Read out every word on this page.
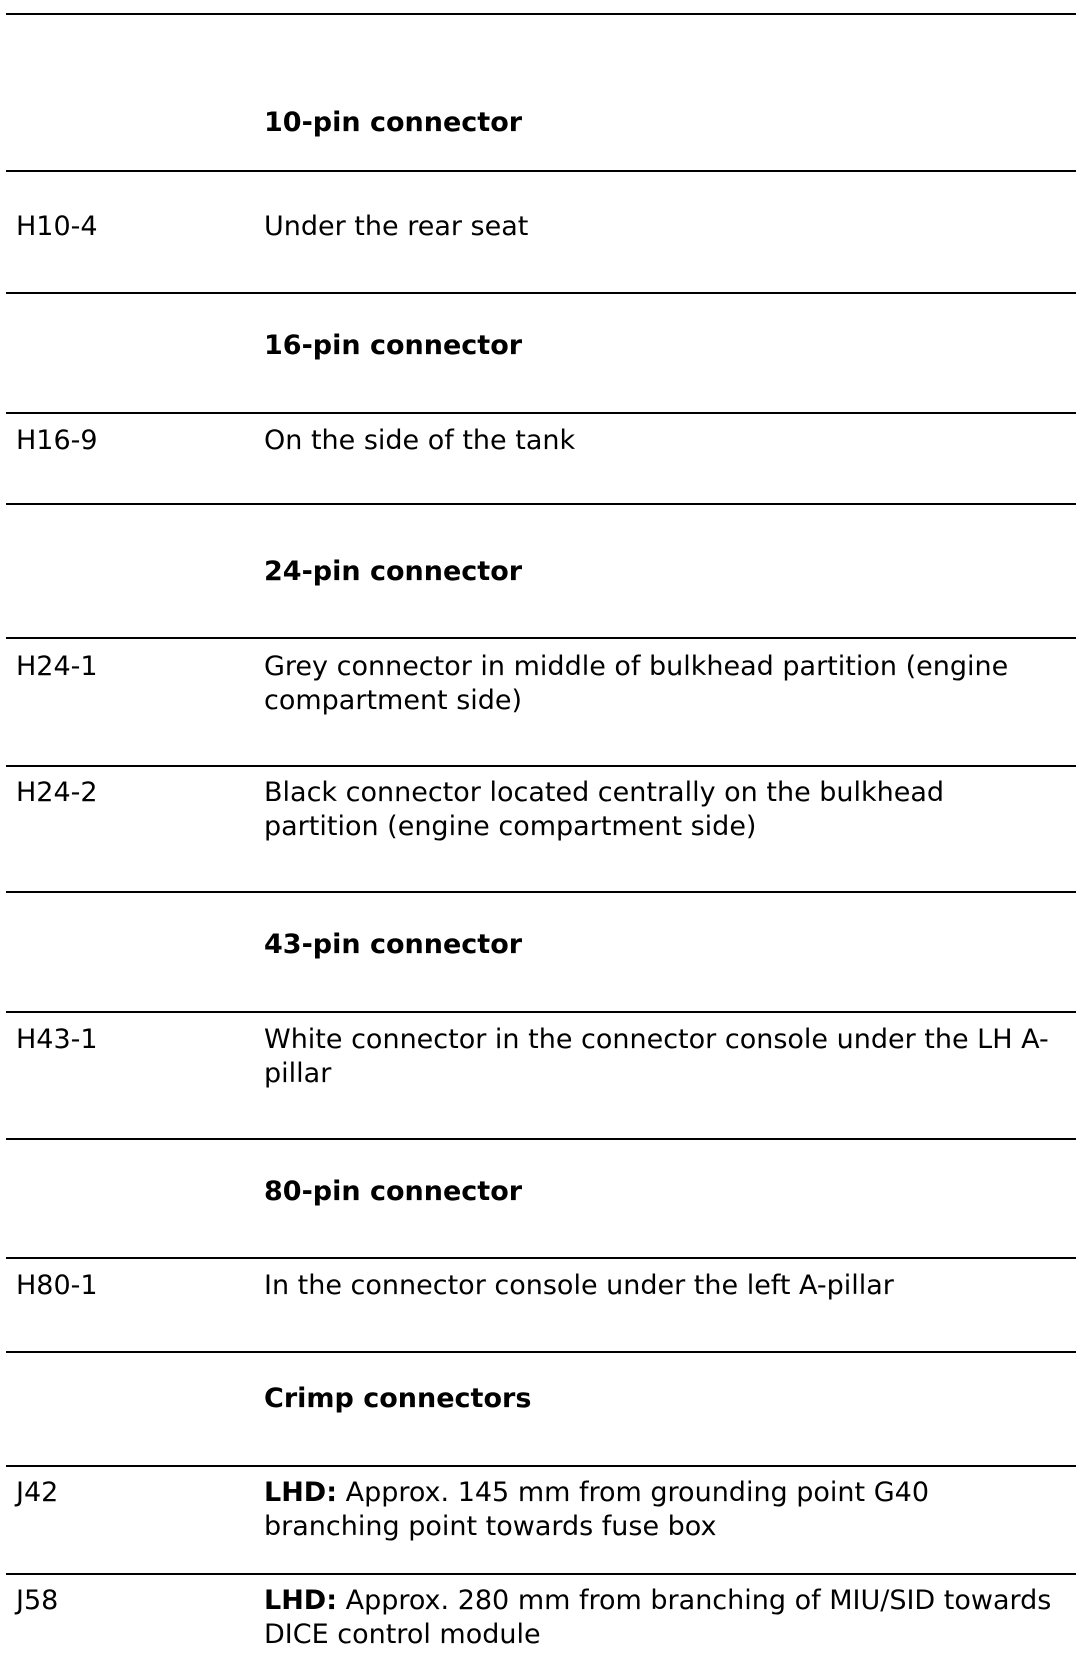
10-pin connector
H10-4	Under the rear seat
16-pin connector
H16-9	On the side of the tank
24-pin connector
H24-1	Grey connector in middle of bulkhead partition (engine compartment side)
H24-2	Black connector located centrally on the bulkhead partition (engine compartment side)
43-pin connector
H43-1	White connector in the connector console under the LH A-pillar
80-pin connector
H80-1	In the connector console under the left A-pillar
Crimp connectors
J42	LHD: Approx. 145 mm from grounding point G40 branching point towards fuse box
J58	LHD: Approx. 280 mm from branching of MIU/SID towards DICE control module
